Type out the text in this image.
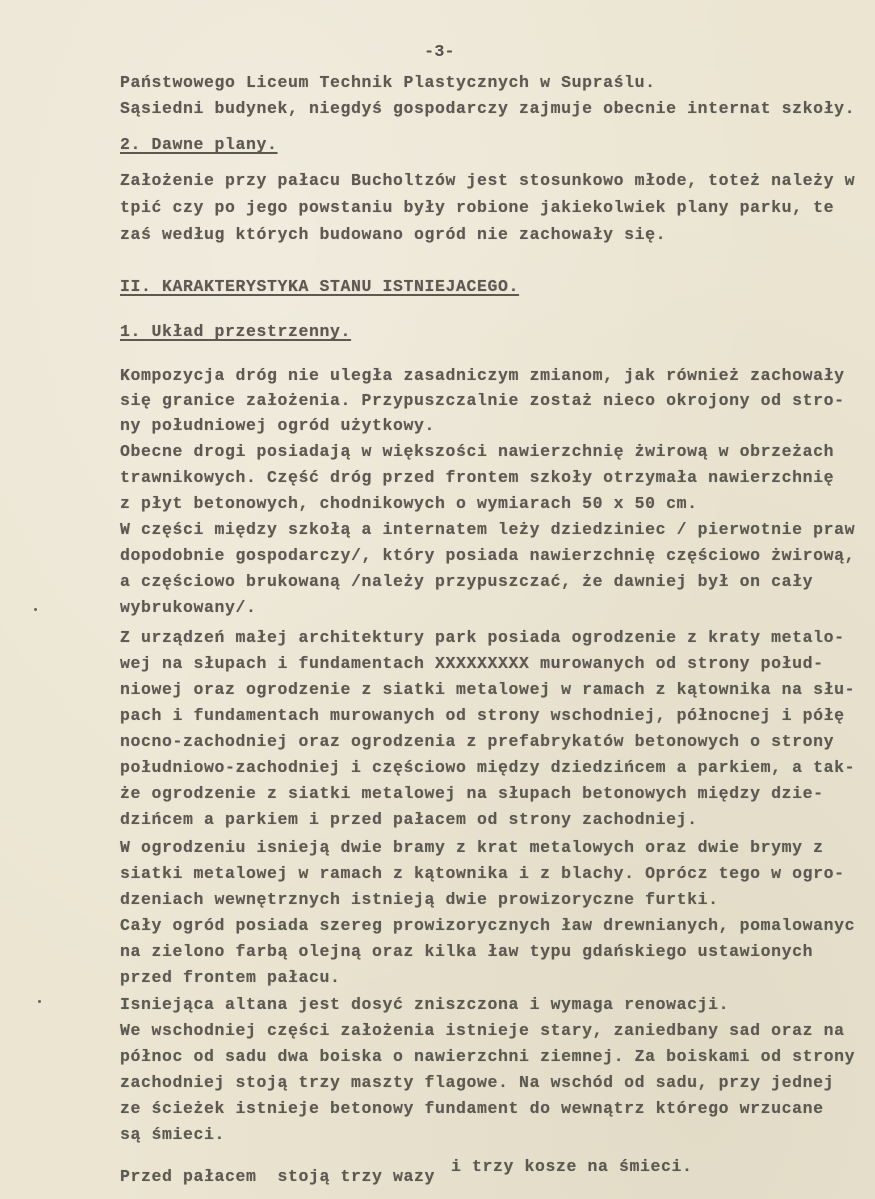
-3-
Państwowego Liceum Technik Plastycznych w Supraślu.
Sąsiedni budynek, niegdyś gospodarczy zajmuje obecnie internat szkoły.
2. Dawne plany.
Założenie przy pałacu Bucholtzów jest stosunkowo młode, toteż należy w
tpić czy po jego powstaniu były robione jakiekolwiek plany parku, te
zaś według których budowano ogród nie zachowały się.
II. KARAKTERYSTYKA STANU ISTNIEJACEGO.
1. Układ przestrzenny.
Kompozycja dróg nie uległa zasadniczym zmianom, jak również zachowały
się granice założenia. Przypuszczalnie zostaż nieco okrojony od stro-
ny południowej ogród użytkowy.
Obecne drogi posiadają w większości nawierzchnię żwirową w obrzeżach
trawnikowych. Część dróg przed frontem szkoły otrzymała nawierzchnię
z płyt betonowych, chodnikowych o wymiarach 50 x 50 cm.
W części między szkołą a internatem leży dziedziniec / pierwotnie praw
dopodobnie gospodarczy/, który posiada nawierzchnię częściowo żwirową,
a częściowo brukowaną /należy przypuszczać, że dawniej był on cały
wybrukowany/.
Z urządzeń małej architektury park posiada ogrodzenie z kraty metalo-
wej na słupach i fundamentach XXXXXXXXX murowanych od strony połud-
niowej oraz ogrodzenie z siatki metalowej w ramach z kątownika na słu-
pach i fundamentach murowanych od strony wschodniej, północnej i półę
nocno-zachodniej oraz ogrodzenia z prefabrykatów betonowych o strony
południowo-zachodniej i częściowo między dziedzińcem a parkiem, a tak-
że ogrodzenie z siatki metalowej na słupach betonowych między dzie-
dzińcem a parkiem i przed pałacem od strony zachodniej.
W ogrodzeniu isnieją dwie bramy z krat metalowych oraz dwie brymy z
siatki metalowej w ramach z kątownika i z blachy. Oprócz tego w ogro-
dzeniach wewnętrznych istnieją dwie prowizoryczne furtki.
Cały ogród posiada szereg prowizorycznych ław drewnianych, pomalowanyc
na zielono farbą olejną oraz kilka ław typu gdańskiego ustawionych
przed frontem pałacu.
Isniejąca altana jest dosyć zniszczona i wymaga renowacji.
We wschodniej części założenia istnieje stary, zaniedbany sad oraz na
północ od sadu dwa boiska o nawierzchni ziemnej. Za boiskami od strony
zachodniej stoją trzy maszty flagowe. Na wschód od sadu, przy jednej
ze ścieżek istnieje betonowy fundament do wewnątrz którego wrzucane
są śmieci.
Przed pałacem  stoją trzy wazy
i trzy kosze na śmieci.
